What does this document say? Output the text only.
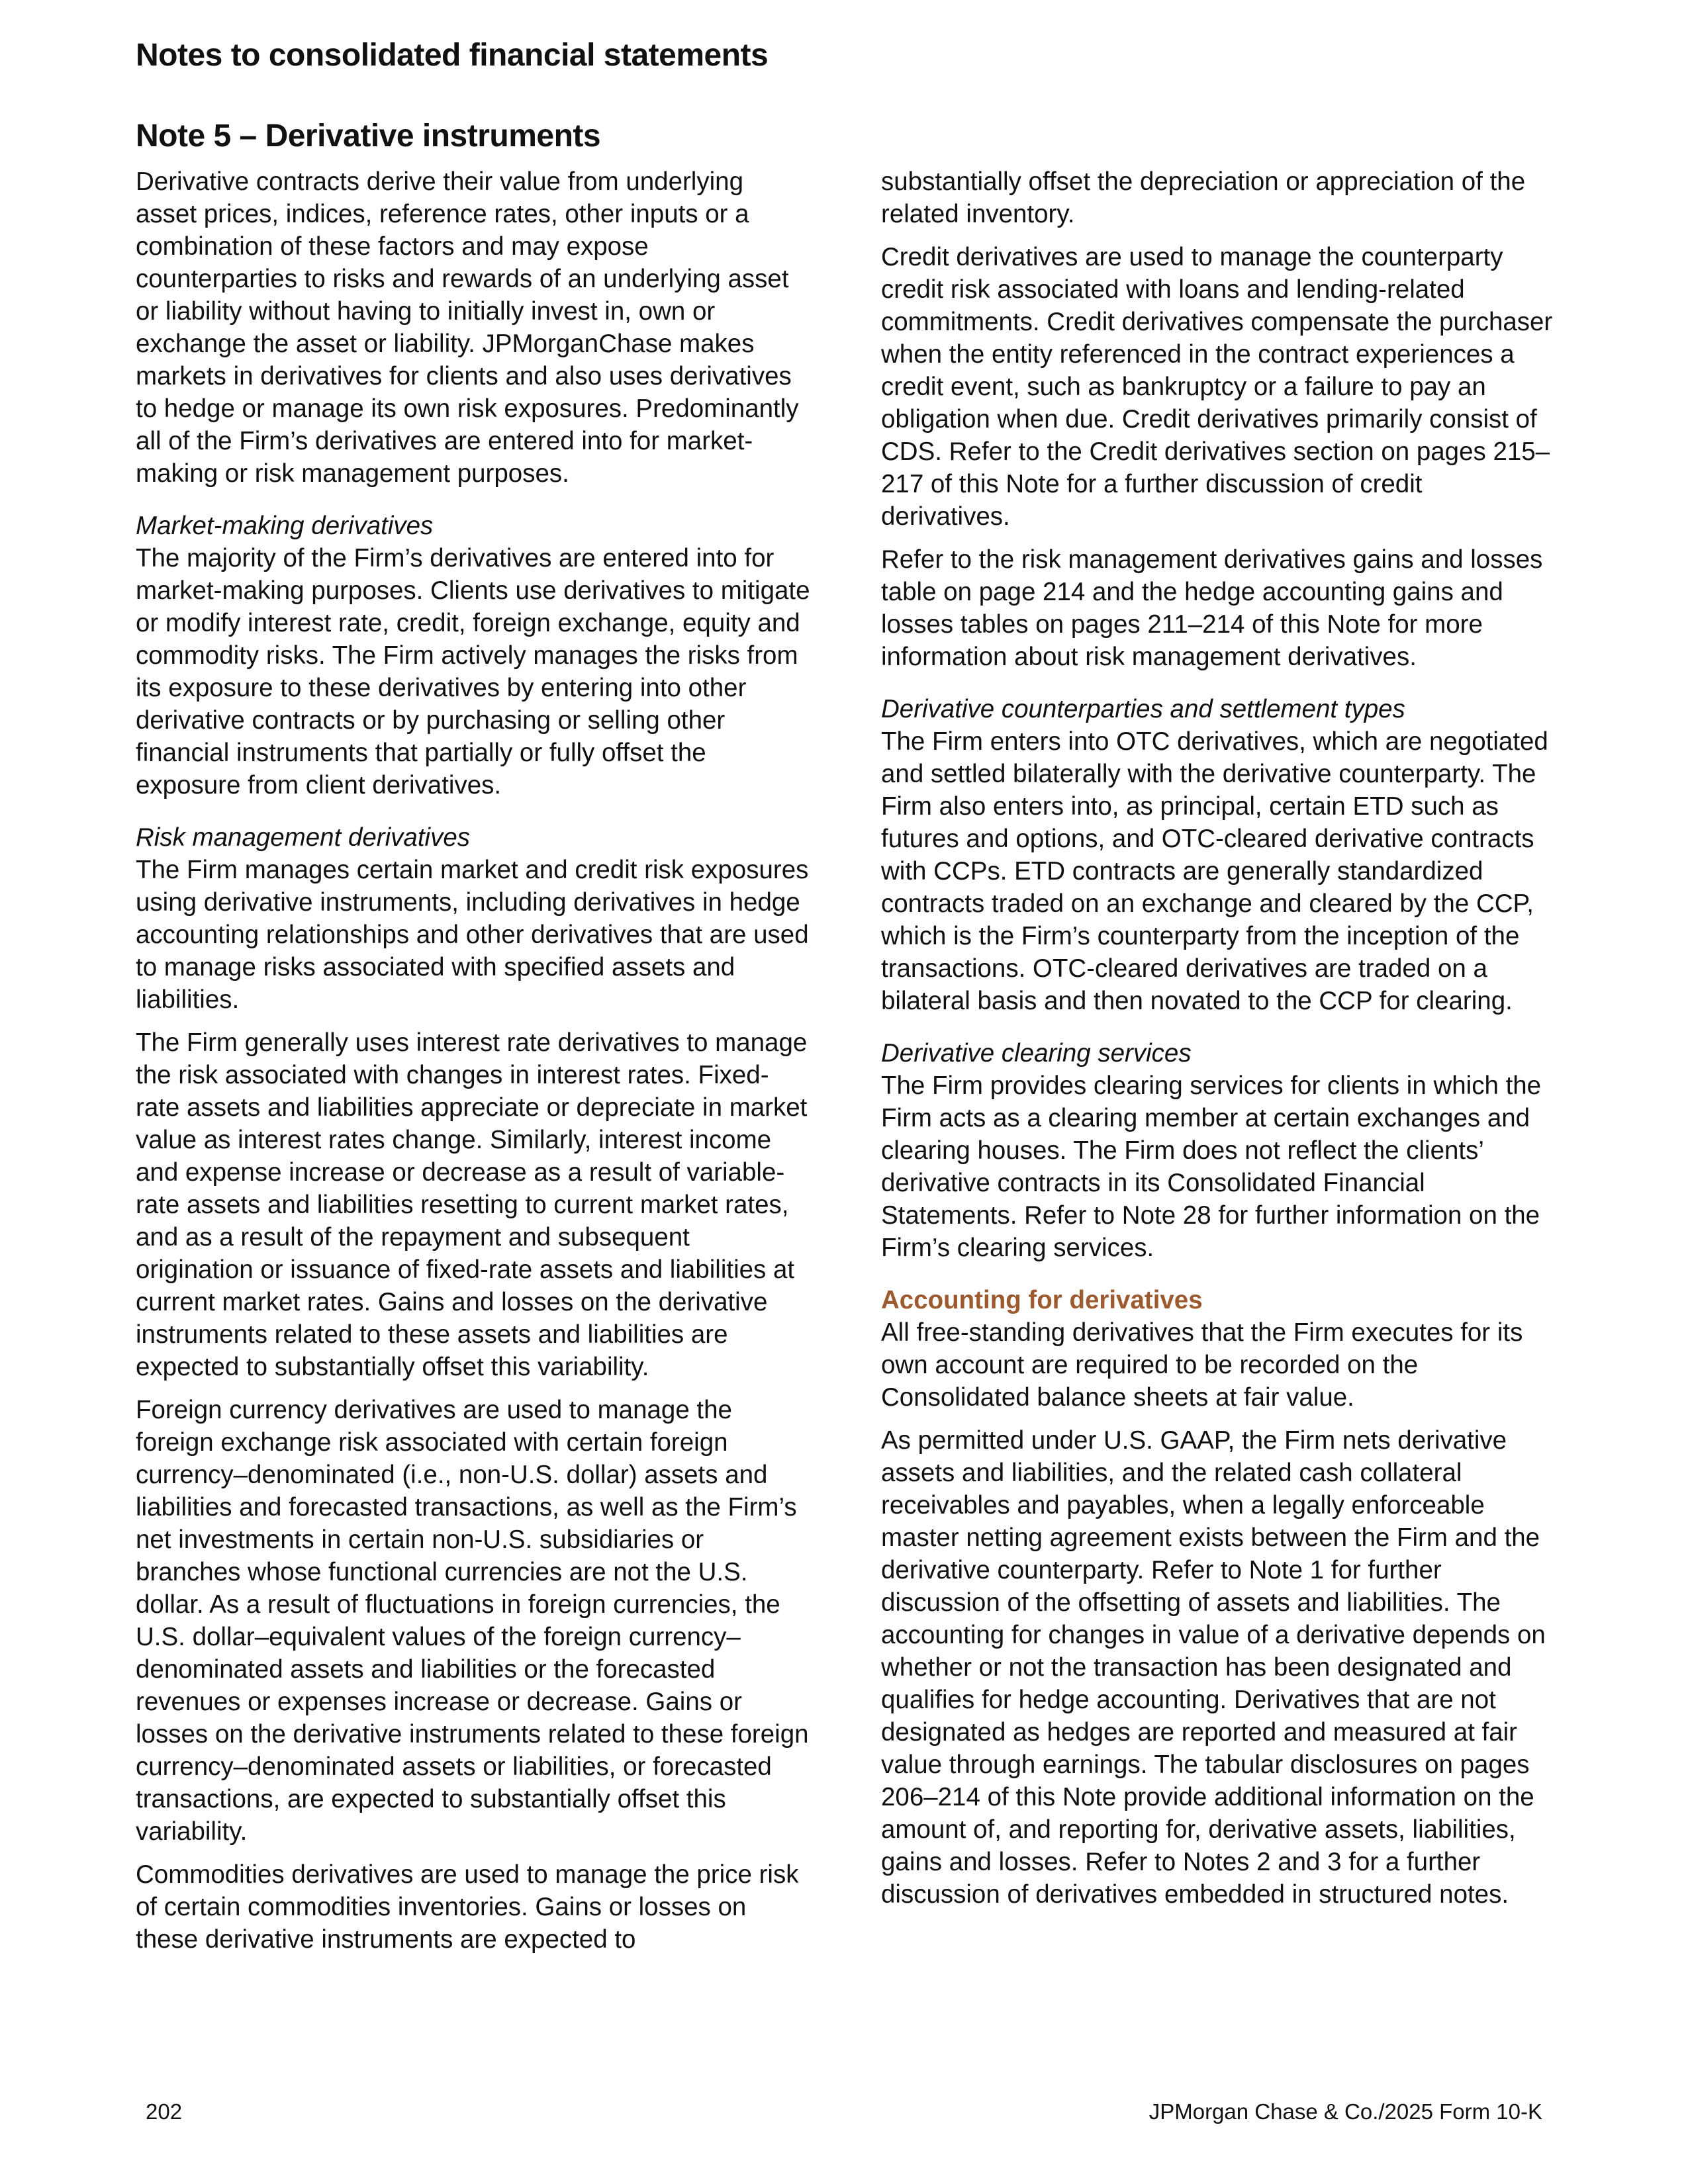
Notes to consolidated financial statements
Note 5 – Derivative instruments

Derivative contracts derive their value from underlying asset prices, indices, reference rates, other inputs or a combination of these factors and may expose counterparties to risks and rewards of an underlying asset or liability without having to initially invest in, own or exchange the asset or liability. JPMorganChase makes markets in derivatives for clients and also uses derivatives to hedge or manage its own risk exposures. Predominantly all of the Firm’s derivatives are entered into for market-making or risk management purposes.

Market-making derivatives
The majority of the Firm’s derivatives are entered into for market-making purposes. Clients use derivatives to mitigate or modify interest rate, credit, foreign exchange, equity and commodity risks. The Firm actively manages the risks from its exposure to these derivatives by entering into other derivative contracts or by purchasing or selling other financial instruments that partially or fully offset the exposure from client derivatives.

Risk management derivatives
The Firm manages certain market and credit risk exposures using derivative instruments, including derivatives in hedge accounting relationships and other derivatives that are used to manage risks associated with specified assets and liabilities.

The Firm generally uses interest rate derivatives to manage the risk associated with changes in interest rates. Fixed-rate assets and liabilities appreciate or depreciate in market value as interest rates change. Similarly, interest income and expense increase or decrease as a result of variable-rate assets and liabilities resetting to current market rates, and as a result of the repayment and subsequent origination or issuance of fixed-rate assets and liabilities at current market rates. Gains and losses on the derivative instruments related to these assets and liabilities are expected to substantially offset this variability.

Foreign currency derivatives are used to manage the foreign exchange risk associated with certain foreign currency–denominated (i.e., non-U.S. dollar) assets and liabilities and forecasted transactions, as well as the Firm’s net investments in certain non-U.S. subsidiaries or branches whose functional currencies are not the U.S. dollar. As a result of fluctuations in foreign currencies, the U.S. dollar–equivalent values of the foreign currency–denominated assets and liabilities or the forecasted revenues or expenses increase or decrease. Gains or losses on the derivative instruments related to these foreign currency–denominated assets or liabilities, or forecasted transactions, are expected to substantially offset this variability.

Commodities derivatives are used to manage the price risk of certain commodities inventories. Gains or losses on these derivative instruments are expected to

substantially offset the depreciation or appreciation of the related inventory.

Credit derivatives are used to manage the counterparty credit risk associated with loans and lending-related commitments. Credit derivatives compensate the purchaser when the entity referenced in the contract experiences a credit event, such as bankruptcy or a failure to pay an obligation when due. Credit derivatives primarily consist of CDS. Refer to the Credit derivatives section on pages 215–217 of this Note for a further discussion of credit derivatives.

Refer to the risk management derivatives gains and losses table on page 214 and the hedge accounting gains and losses tables on pages 211–214 of this Note for more information about risk management derivatives.

Derivative counterparties and settlement types
The Firm enters into OTC derivatives, which are negotiated and settled bilaterally with the derivative counterparty. The Firm also enters into, as principal, certain ETD such as futures and options, and OTC-cleared derivative contracts with CCPs. ETD contracts are generally standardized contracts traded on an exchange and cleared by the CCP, which is the Firm’s counterparty from the inception of the transactions. OTC-cleared derivatives are traded on a bilateral basis and then novated to the CCP for clearing.

Derivative clearing services
The Firm provides clearing services for clients in which the Firm acts as a clearing member at certain exchanges and clearing houses. The Firm does not reflect the clients’ derivative contracts in its Consolidated Financial Statements. Refer to Note 28 for further information on the Firm’s clearing services.

Accounting for derivatives
All free-standing derivatives that the Firm executes for its own account are required to be recorded on the Consolidated balance sheets at fair value.

As permitted under U.S. GAAP, the Firm nets derivative assets and liabilities, and the related cash collateral receivables and payables, when a legally enforceable master netting agreement exists between the Firm and the derivative counterparty. Refer to Note 1 for further discussion of the offsetting of assets and liabilities. The accounting for changes in value of a derivative depends on whether or not the transaction has been designated and qualifies for hedge accounting. Derivatives that are not designated as hedges are reported and measured at fair value through earnings. The tabular disclosures on pages 206–214 of this Note provide additional information on the amount of, and reporting for, derivative assets, liabilities, gains and losses. Refer to Notes 2 and 3 for a further discussion of derivatives embedded in structured notes.

202	JPMorgan Chase & Co./2025 Form 10-K
